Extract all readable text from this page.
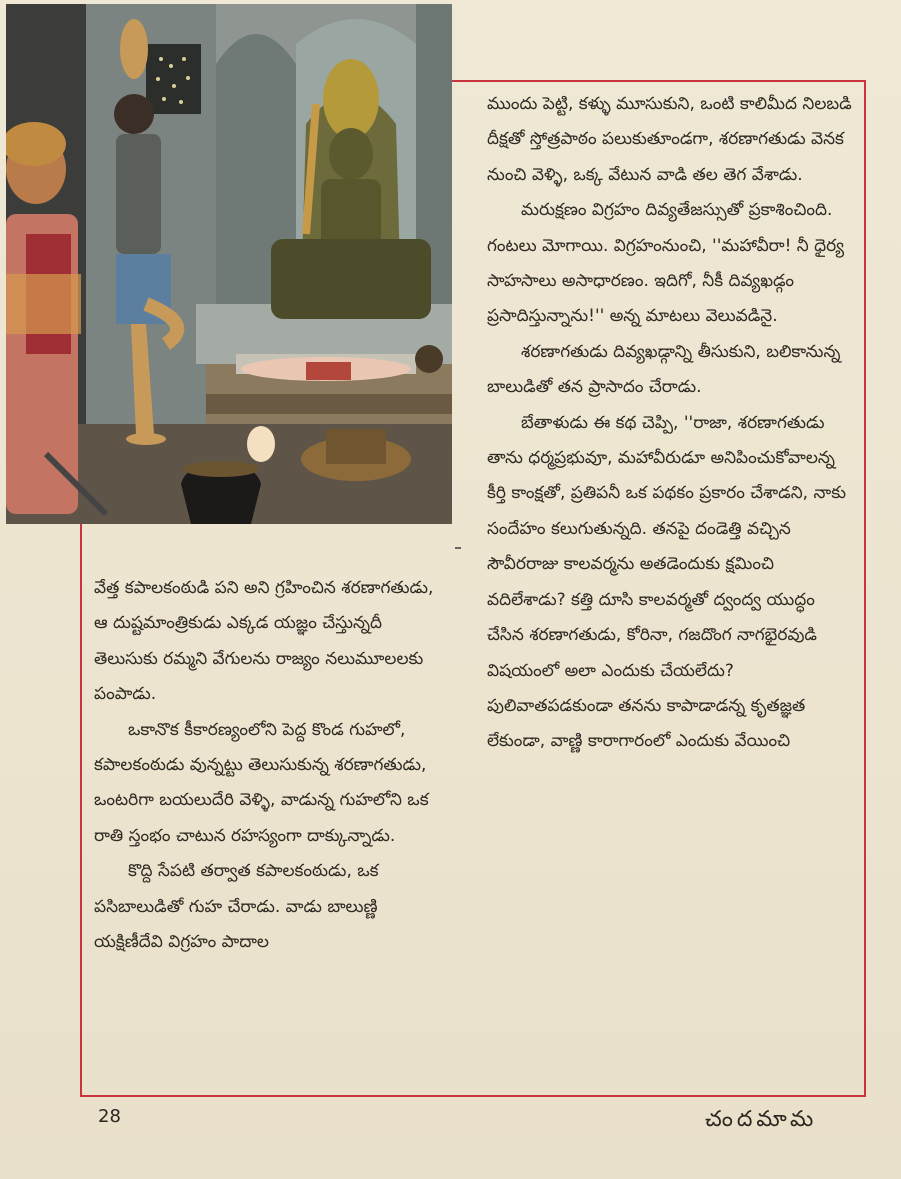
ముందు పెట్టి, కళ్ళు మూసుకుని, ఒంటి కాలిమీద నిలబడి దీక్షతో స్తోత్రపాఠం పలుకుతూండగా, శరణాగతుడు వెనక నుంచి వెళ్ళి, ఒక్క వేటున వాడి తల తెగ వేశాడు.

మరుక్షణం విగ్రహం దివ్యతేజస్సుతో ప్రకాశించింది. గంటలు మోగాయి. విగ్రహంనుంచి, ''మహావీరా! నీ ధైర్య సాహసాలు అసాధారణం. ఇదిగో, నీకీ దివ్యఖడ్గం ప్రసాదిస్తున్నాను!'' అన్న మాటలు వెలువడినై.

శరణాగతుడు దివ్యఖడ్గాన్ని తీసుకుని, బలికానున్న బాలుడితో తన ప్రాసాదం చేరాడు.

బేతాళుడు ఈ కథ చెప్పి, ''రాజా, శరణాగతుడు తాను ధర్మప్రభువూ, మహావీరుడూ అనిపించుకోవాలన్న కీర్తి కాంక్షతో, ప్రతిపనీ ఒక పథకం ప్రకారం చేశాడని, నాకు సందేహం కలుగుతున్నది. తనపై దండెత్తి వచ్చిన సౌవీరరాజు కాలవర్మను అతడెందుకు క్షమించి వదిలేశాడు? కత్తి దూసి కాలవర్మతో ద్వంద్వ యుద్ధం చేసిన శరణాగతుడు, కోరినా, గజదొంగ నాగభైరవుడి విషయంలో అలా ఎందుకు చేయలేదు? పులివాతపడకుండా తనను కాపాడాడన్న కృతజ్ఞత లేకుండా, వాణ్ణి కారాగారంలో ఎందుకు వేయించి

వేత్త కపాలకంఠుడి పని అని గ్రహించిన శరణాగతుడు, ఆ దుష్టమాంత్రికుడు ఎక్కడ యజ్ఞం చేస్తున్నదీ తెలుసుకు రమ్మని వేగులను రాజ్యం నలుమూలలకు పంపాడు.

ఒకానొక కీకారణ్యంలోని పెద్ద కొండ గుహలో, కపాలకంఠుడు వున్నట్టు తెలుసుకున్న శరణాగతుడు, ఒంటరిగా బయలుదేరి వెళ్ళి, వాడున్న గుహలోని ఒక రాతి స్తంభం చాటున రహస్యంగా దాక్కున్నాడు.

కొద్ది సేపటి తర్వాత కపాలకంఠుడు, ఒక పసిబాలుడితో గుహ చేరాడు. వాడు బాలుణ్ణి యక్షిణీదేవి విగ్రహం పాదాల

28	చందమామ
